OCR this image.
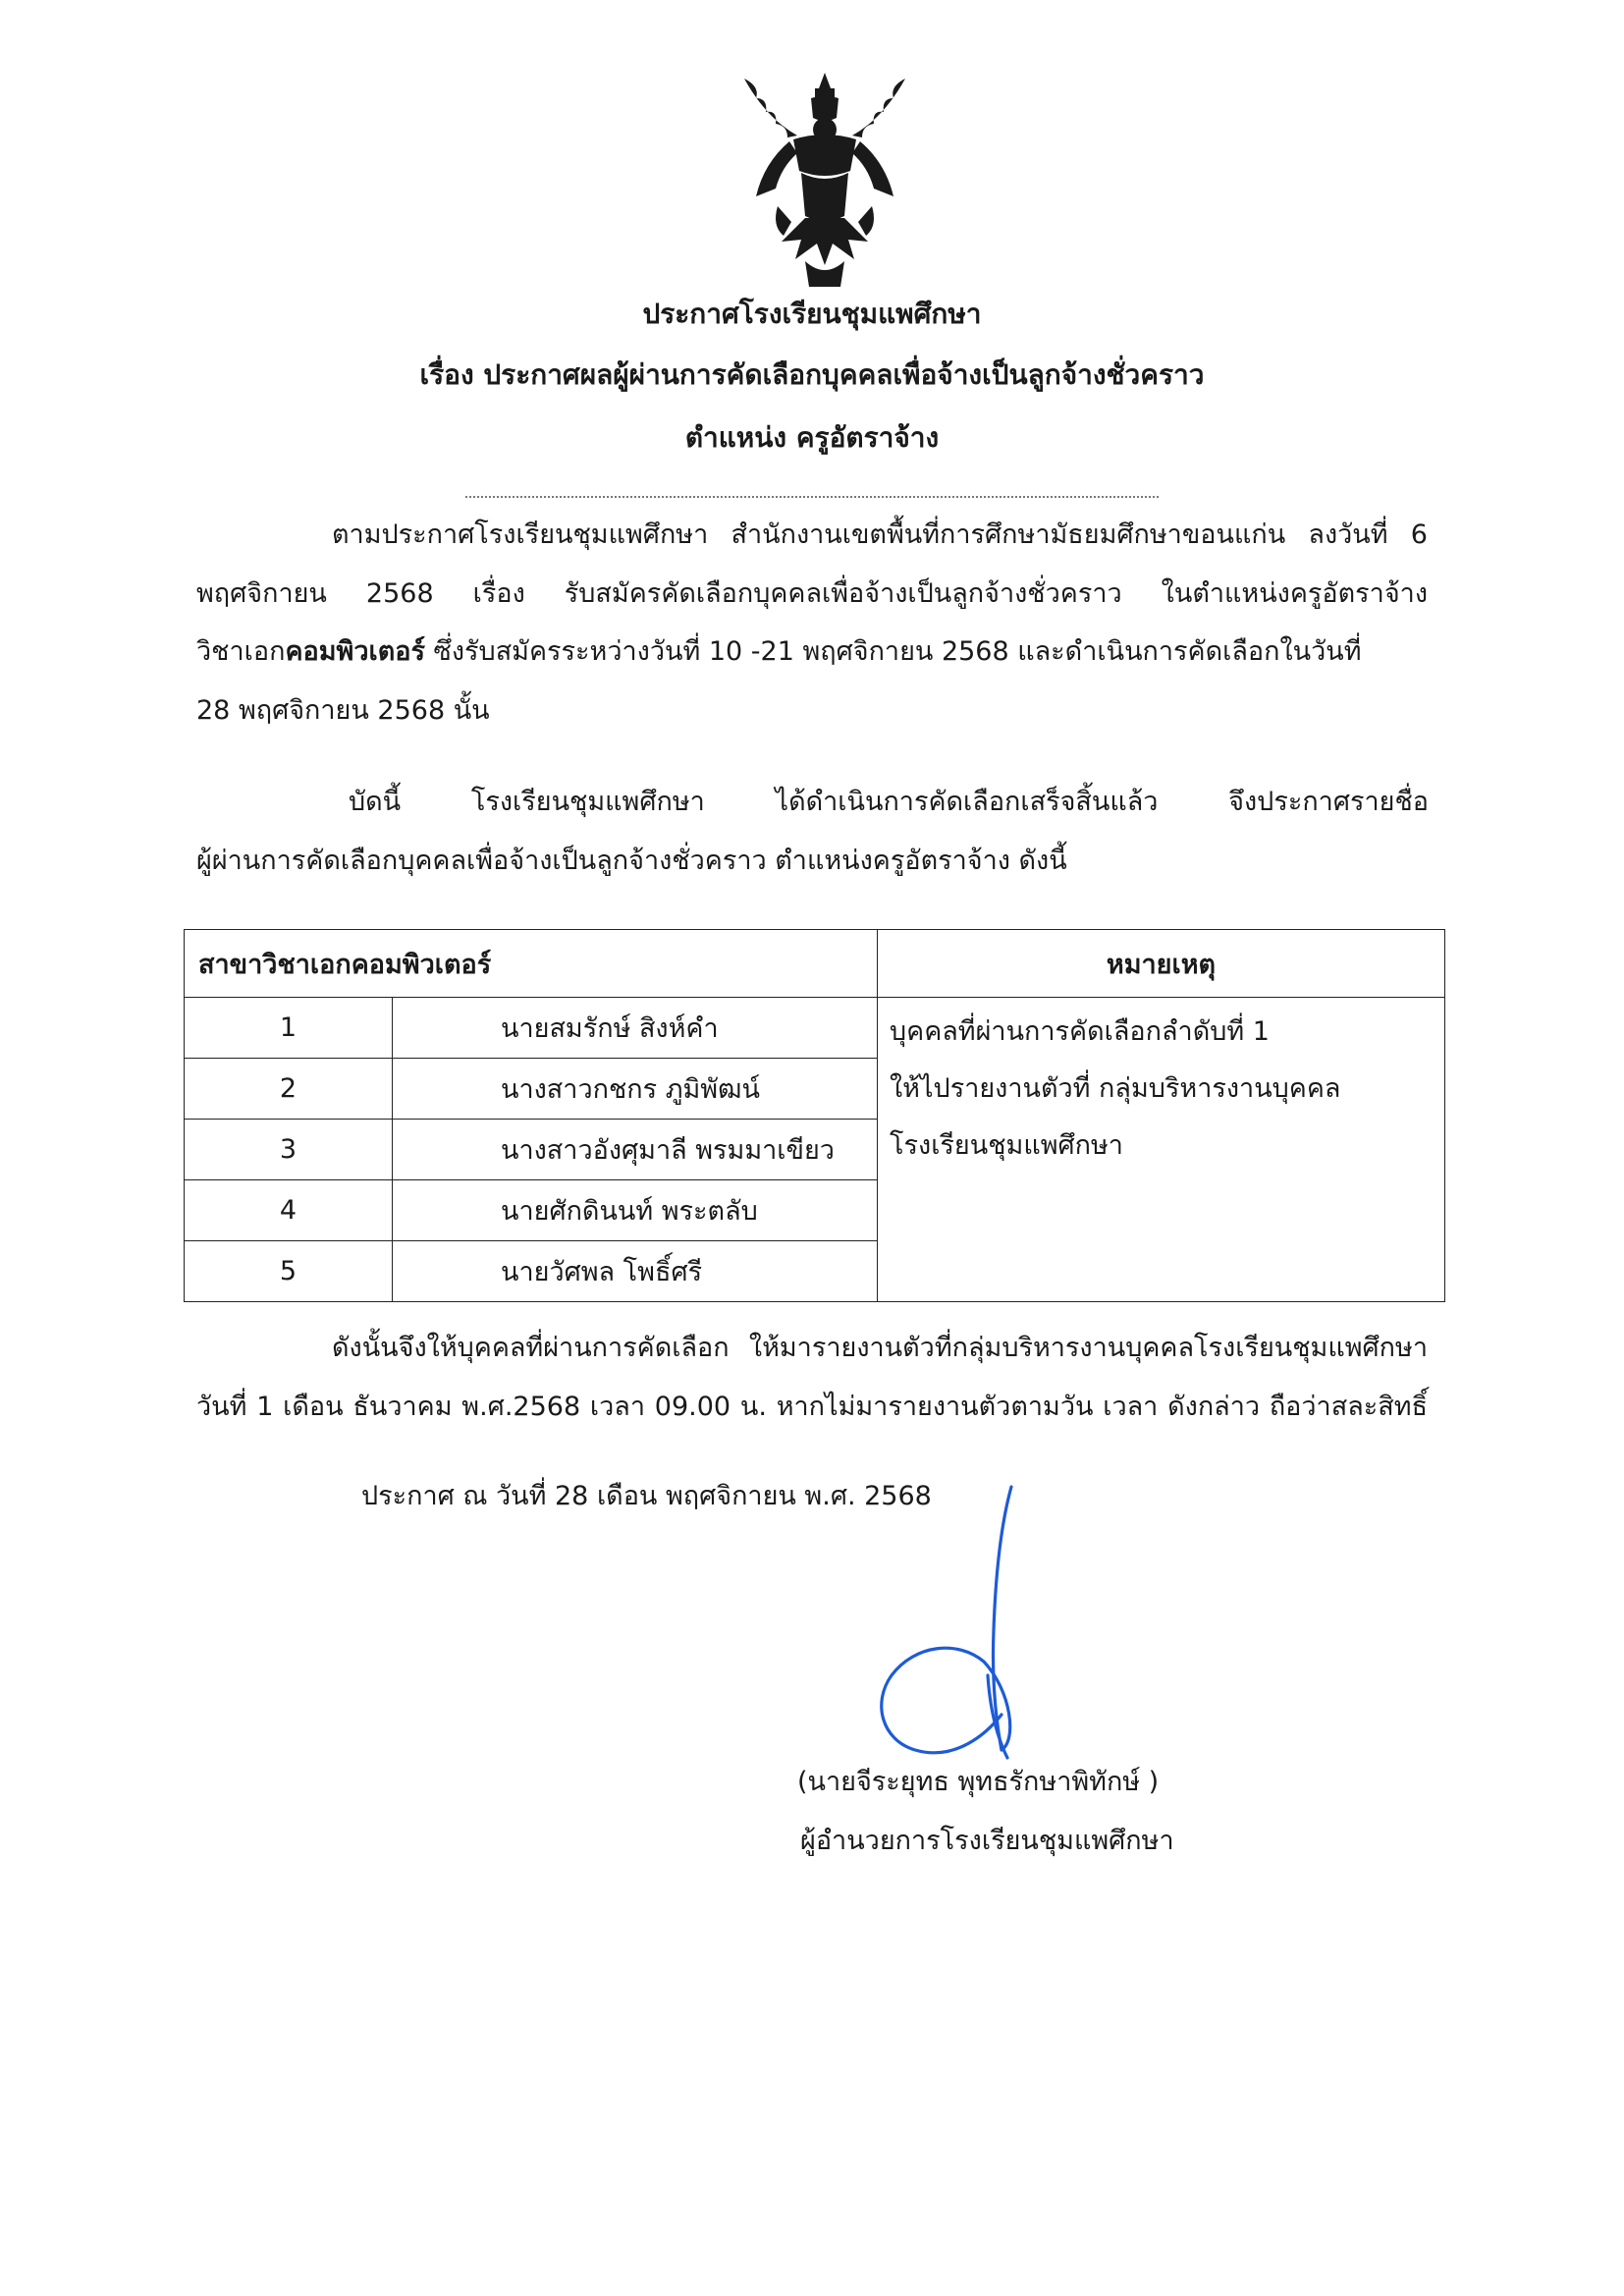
ประกาศโรงเรียนชุมแพศึกษา
เรื่อง ประกาศผลผู้ผ่านการคัดเลือกบุคคลเพื่อจ้างเป็นลูกจ้างชั่วคราว
ตำแหน่ง ครูอัตราจ้าง
ตามประกาศโรงเรียนชุมแพศึกษา สำนักงานเขตพื้นที่การศึกษามัธยมศึกษาขอนแก่น ลงวันที่ 6
พฤศจิกายน 2568 เรื่อง รับสมัครคัดเลือกบุคคลเพื่อจ้างเป็นลูกจ้างชั่วคราว ในตำแหน่งครูอัตราจ้าง
วิชาเอกคอมพิวเตอร์ ซึ่งรับสมัครระหว่างวันที่ 10 -21 พฤศจิกายน 2568 และดำเนินการคัดเลือกในวันที่
28 พฤศจิกายน 2568 นั้น
บัดนี้ โรงเรียนชุมแพศึกษา ได้ดำเนินการคัดเลือกเสร็จสิ้นแล้ว จึงประกาศรายชื่อ
ผู้ผ่านการคัดเลือกบุคคลเพื่อจ้างเป็นลูกจ้างชั่วคราว ตำแหน่งครูอัตราจ้าง ดังนี้
สาขาวิชาเอกคอมพิวเตอร์		หมายเหตุ
1	นายสมรักษ์ สิงห์คำ	บุคคลที่ผ่านการคัดเลือกลำดับที่ 1
ให้ไปรายงานตัวที่ กลุ่มบริหารงานบุคคล
โรงเรียนชุมแพศึกษา

2	นางสาวกชกร ภูมิพัฒน์	
3	นางสาวอังศุมาลี พรมมาเขียว	
4	นายศักดินนท์ พระตลับ	
5	นายวัศพล โพธิ์ศรี	
ดังนั้นจึงให้บุคคลที่ผ่านการคัดเลือก ให้มารายงานตัวที่กลุ่มบริหารงานบุคคลโรงเรียนชุมแพศึกษา
วันที่ 1 เดือน ธันวาคม พ.ศ.2568 เวลา 09.00 น. หากไม่มารายงานตัวตามวัน เวลา ดังกล่าว ถือว่าสละสิทธิ์
ประกาศ ณ วันที่ 28 เดือน พฤศจิกายน พ.ศ. 2568
(นายจีระยุทธ พุทธรักษาพิทักษ์ )
ผู้อำนวยการโรงเรียนชุมแพศึกษา
